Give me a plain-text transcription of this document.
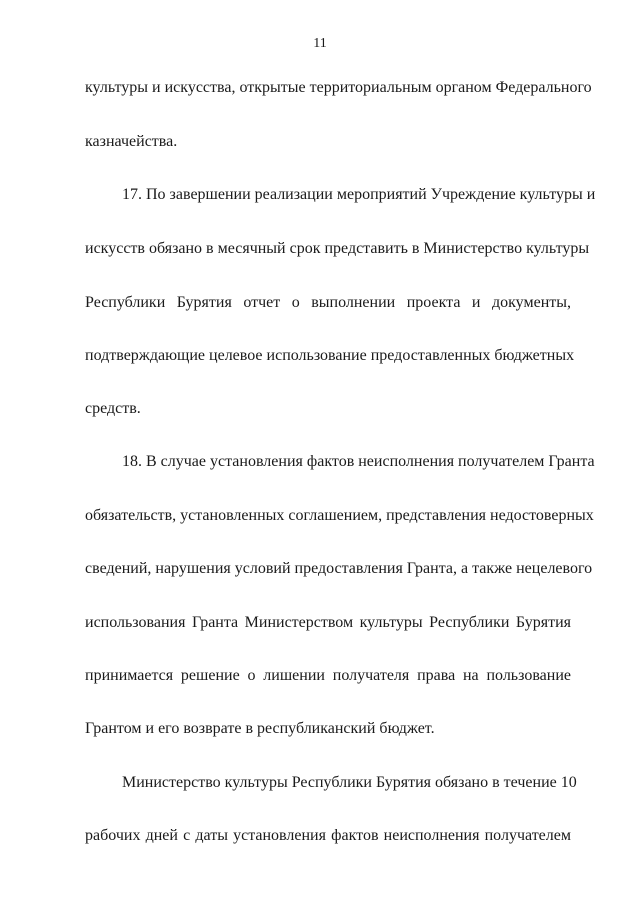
11
культуры и искусства, открытые территориальным органом Федерального
казначейства.
17. По завершении реализации мероприятий Учреждение культуры и
искусств обязано в месячный срок представить в Министерство культуры
Республики Бурятия отчет о выполнении проекта и документы,
подтверждающие целевое использование предоставленных бюджетных
средств.
18. В случае установления фактов неисполнения получателем Гранта
обязательств, установленных соглашением, представления недостоверных
сведений, нарушения условий предоставления Гранта, а также нецелевого
использования Гранта Министерством культуры Республики Бурятия
принимается решение о лишении получателя права на пользование
Грантом и его возврате в республиканский бюджет.
Министерство культуры Республики Бурятия обязано в течение 10
рабочих дней с даты установления фактов неисполнения получателем
